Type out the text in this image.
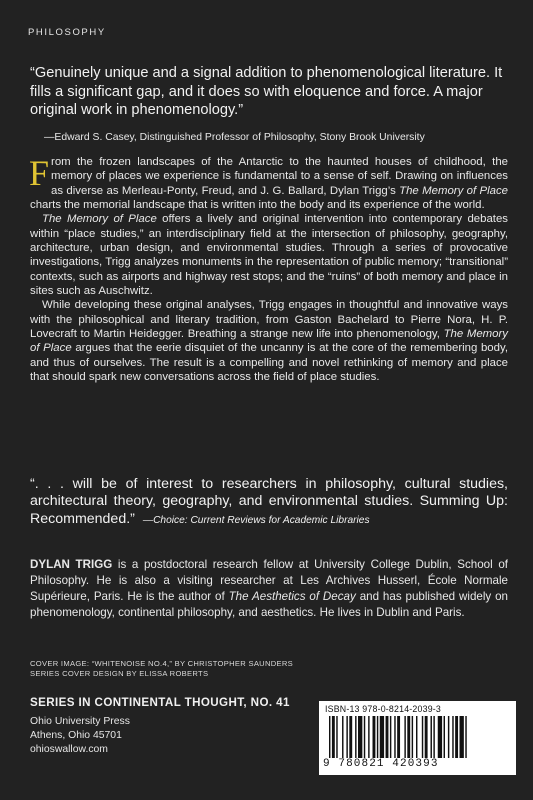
PHILOSOPHY
“Genuinely unique and a signal addition to phenomenological literature. It fills a significant gap, and it does so with eloquence and force. A major original work in phenomenology.”
—Edward S. Casey, Distinguished Professor of Philosophy, Stony Brook University

From the frozen landscapes of the Antarctic to the haunted houses of childhood, the memory of places we experience is fundamental to a sense of self. Drawing on influences as diverse as Merleau-Ponty, Freud, and J. G. Ballard, Dylan Trigg’s The Memory of Place charts the memorial landscape that is written into the body and its experience of the world.

The Memory of Place offers a lively and original intervention into contemporary debates within “place studies,” an interdisciplinary field at the intersection of philosophy, geography, architecture, urban design, and environmental studies. Through a series of provocative investigations, Trigg analyzes monuments in the representation of public memory; “transitional” contexts, such as airports and highway rest stops; and the “ruins” of both memory and place in sites such as Auschwitz.

While developing these original analyses, Trigg engages in thoughtful and innovative ways with the philosophical and literary tradition, from Gaston Bachelard to Pierre Nora, H. P. Lovecraft to Martin Heidegger. Breathing a strange new life into phenomenology, The Memory of Place argues that the eerie disquiet of the uncanny is at the core of the remembering body, and thus of ourselves. The result is a compelling and novel rethinking of memory and place that should spark new conversations across the field of place studies.

“. . . will be of interest to researchers in philosophy, cultural studies, architectural theory, geography, and environmental studies. Summing Up: Recommended.” —Choice: Current Reviews for Academic Libraries
DYLAN TRIGG is a postdoctoral research fellow at University College Dublin, School of Philosophy. He is also a visiting researcher at Les Archives Husserl, École Normale Supérieure, Paris. He is the author of The Aesthetics of Decay and has published widely on phenomenology, continental philosophy, and aesthetics. He lives in Dublin and Paris.
COVER IMAGE: “WHITENOISE NO.4,” BY CHRISTOPHER SAUNDERS
SERIES COVER DESIGN BY ELISSA ROBERTS
SERIES IN CONTINENTAL THOUGHT, NO. 41
Ohio University Press
Athens, Ohio 45701
ohioswallow.com
ISBN-13 978-0-8214-2039-3
9 780821 420393
